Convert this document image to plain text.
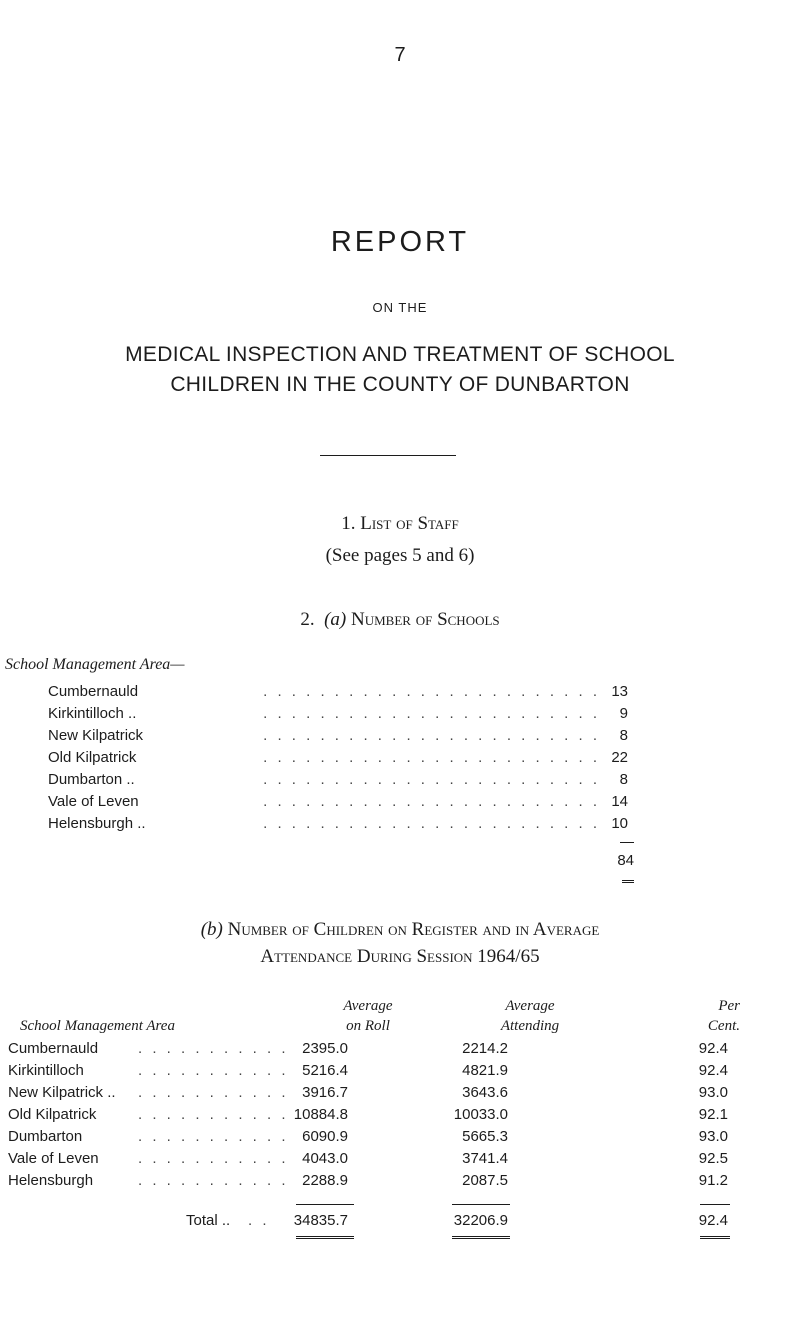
7
REPORT
ON THE
MEDICAL INSPECTION AND TREATMENT OF SCHOOL
CHILDREN IN THE COUNTY OF DUNBARTON
1. List of Staff
(See pages 5 and 6)
2. (a) Number of Schools
School Management Area—
Cumbernauld	. . . . . . . . . . . . . . . . . . . . . . . . 13
Kirkintilloch ..	. . . . . . . . . . . . . . . . . . . . . . . .	9
New Kilpatrick	. . . . . . . . . . . . . . . . . . . . . . . .	8
Old Kilpatrick	. . . . . . . . . . . . . . . . . . . . . . . . 22
Dumbarton ..	. . . . . . . . . . . . . . . . . . . . . . . .	8
Vale of Leven	. . . . . . . . . . . . . . . . . . . . . . . . 14
Helensburgh ..	. . . . . . . . . . . . . . . . . . . . . . . . 10
84
(b) Number of Children on Register and in Average
Attendance During Session 1964/65
School Management Area
Average
on Roll
Average
Attending
Per
Cent.
Cumbernauld	. . . . . . . . . . . 2395.0	2214.2	92.4
Kirkintilloch	. . . . . . . . . . . 5216.4	4821.9	92.4
New Kilpatrick .. . . . . . . . . . . . 3916.7	3643.6	93.0
Old Kilpatrick	. . . . . . . . . . . 10884.8	10033.0	92.1
Dumbarton	. . . . . . . . . . . 6090.9	5665.3	93.0
Vale of Leven	. . . . . . . . . . . 4043.0	3741.4	92.5
Helensburgh	. . . . . . . . . . . 2288.9	2087.5	91.2
Total .. . .	34835.7	32206.9	92.4
